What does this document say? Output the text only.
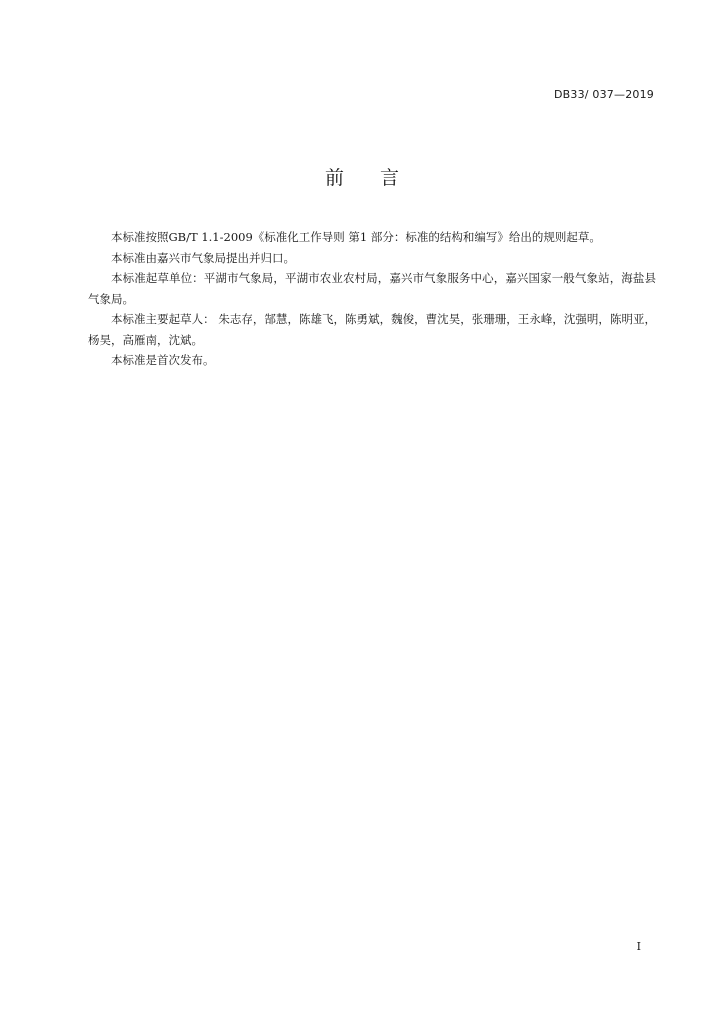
DB33/ 037—2019
前言

本标准按照GB/T 1.1-2009《标准化工作导则 第1 部分：标准的结构和编写》给出的规则起草。

本标准由嘉兴市气象局提出并归口。

本标准起草单位：平湖市气象局，平湖市农业农村局，嘉兴市气象服务中心，嘉兴国家一般气象站，海盐县气象局。

本标准主要起草人： 朱志存，郜慧，陈雄飞，陈勇斌，魏俊，曹沈昊，张珊珊，王永峰，沈强明，陈明亚，杨昊，高雁南，沈斌。

本标准是首次发布。

I
